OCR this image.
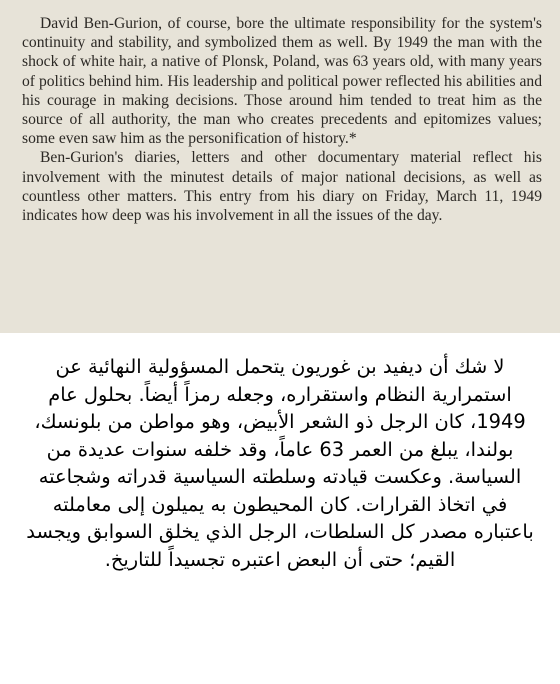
David Ben-Gurion, of course, bore the ultimate responsibility for the system's continuity and stability, and symbolized them as well. By 1949 the man with the shock of white hair, a native of Plonsk, Poland, was 63 years old, with many years of politics behind him. His leadership and political power reflected his abilities and his courage in making decisions. Those around him tended to treat him as the source of all authority, the man who creates precedents and epitomizes values; some even saw him as the personification of history.*

Ben-Gurion's diaries, letters and other documentary material reflect his involvement with the minutest details of major national decisions, as well as countless other matters. This entry from his diary on Friday, March 11, 1949 indicates how deep was his involvement in all the issues of the day.

لا شك أن ديفيد بن غوريون يتحمل المسؤولية النهائية عن استمرارية النظام واستقراره، وجعله رمزاً أيضاً. بحلول عام 1949، كان الرجل ذو الشعر الأبيض، وهو مواطن من بلونسك، بولندا، يبلغ من العمر 63 عاماً، وقد خلفه سنوات عديدة من السياسة. وعكست قيادته وسلطته السياسية قدراته وشجاعته في اتخاذ القرارات. كان المحيطون به يميلون إلى معاملته باعتباره مصدر كل السلطات، الرجل الذي يخلق السوابق ويجسد القيم؛ حتى أن البعض اعتبره تجسيداً للتاريخ.
